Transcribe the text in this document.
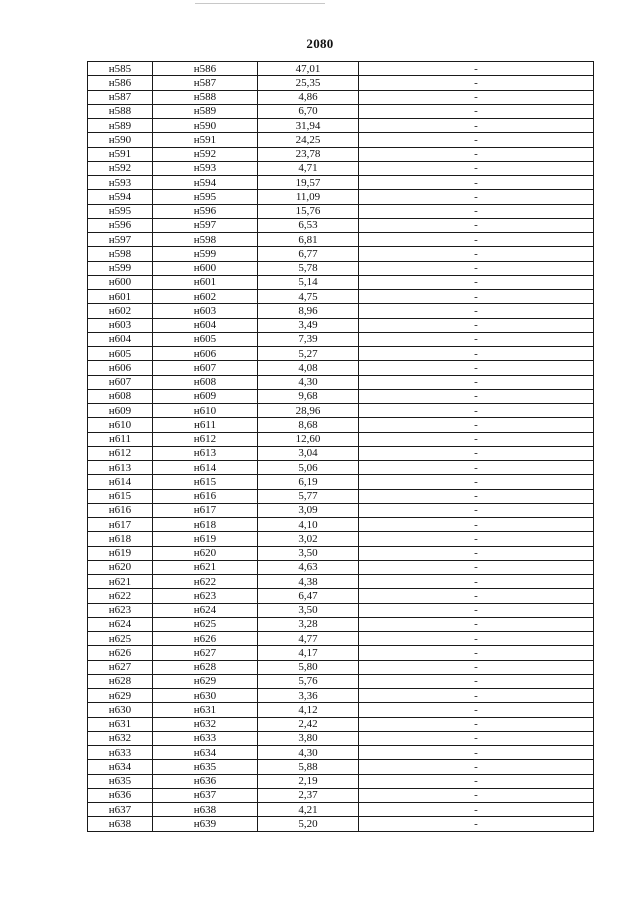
2080
н585	н586	47,01	-
н586	н587	25,35	-
н587	н588	4,86	-
н588	н589	6,70	-
н589	н590	31,94	-
н590	н591	24,25	-
н591	н592	23,78	-
н592	н593	4,71	-
н593	н594	19,57	-
н594	н595	11,09	-
н595	н596	15,76	-
н596	н597	6,53	-
н597	н598	6,81	-
н598	н599	6,77	-
н599	н600	5,78	-
н600	н601	5,14	-
н601	н602	4,75	-
н602	н603	8,96	-
н603	н604	3,49	-
н604	н605	7,39	-
н605	н606	5,27	-
н606	н607	4,08	-
н607	н608	4,30	-
н608	н609	9,68	-
н609	н610	28,96	-
н610	н611	8,68	-
н611	н612	12,60	-
н612	н613	3,04	-
н613	н614	5,06	-
н614	н615	6,19	-
н615	н616	5,77	-
н616	н617	3,09	-
н617	н618	4,10	-
н618	н619	3,02	-
н619	н620	3,50	-
н620	н621	4,63	-
н621	н622	4,38	-
н622	н623	6,47	-
н623	н624	3,50	-
н624	н625	3,28	-
н625	н626	4,77	-
н626	н627	4,17	-
н627	н628	5,80	-
н628	н629	5,76	-
н629	н630	3,36	-
н630	н631	4,12	-
н631	н632	2,42	-
н632	н633	3,80	-
н633	н634	4,30	-
н634	н635	5,88	-
н635	н636	2,19	-
н636	н637	2,37	-
н637	н638	4,21	-
н638	н639	5,20	-
